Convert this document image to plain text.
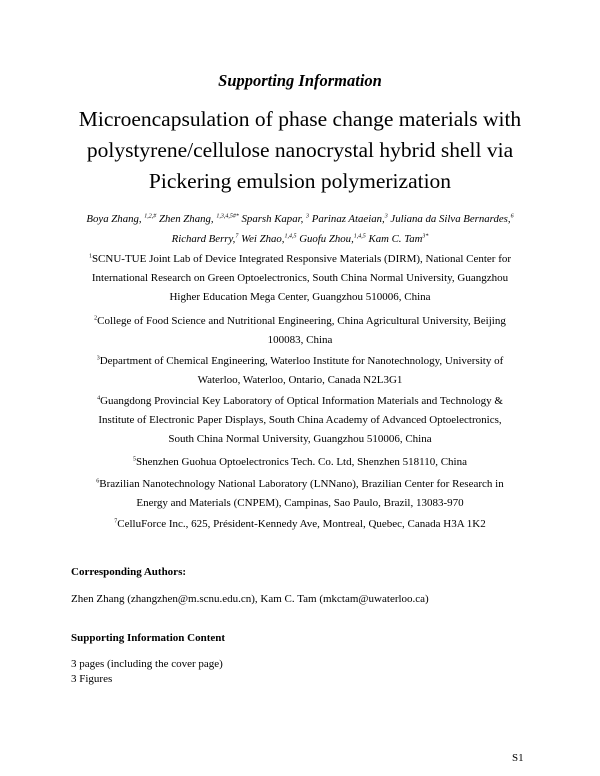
Supporting Information
Microencapsulation of phase change materials with
polystyrene/cellulose nanocrystal hybrid shell via
Pickering emulsion polymerization
Boya Zhang, $^{1,2,\#}$ Zhen Zhang, $^{1,3,4,5\#*}$ Sparsh Kapar, $^3$ Parinaz Ataeian,$^3$ Juliana da Silva Bernardes,$^6$
Richard Berry,$^7$ Wei Zhao,$^{1,4,5}$ Guofu Zhou,$^{1,4,5}$ Kam C. Tam$^{3*}$
$^1$SCNU-TUE Joint Lab of Device Integrated Responsive Materials (DIRM), National Center for
International Research on Green Optoelectronics, South China Normal University, Guangzhou
Higher Education Mega Center, Guangzhou 510006, China
$^2$College of Food Science and Nutritional Engineering, China Agricultural University, Beijing
100083, China
$^3$Department of Chemical Engineering, Waterloo Institute for Nanotechnology, University of
Waterloo, Waterloo, Ontario, Canada N2L3G1
$^4$Guangdong Provincial Key Laboratory of Optical Information Materials and Technology &
Institute of Electronic Paper Displays, South China Academy of Advanced Optoelectronics,
South China Normal University, Guangzhou 510006, China
$^5$Shenzhen Guohua Optoelectronics Tech. Co. Ltd, Shenzhen 518110, China
$^6$Brazilian Nanotechnology National Laboratory (LNNano), Brazilian Center for Research in
Energy and Materials (CNPEM), Campinas, Sao Paulo, Brazil, 13083-970
$^7$CelluForce Inc., 625, Président-Kennedy Ave, Montreal, Quebec, Canada H3A 1K2
Corresponding Authors:
Zhen Zhang (zhangzhen@m.scnu.edu.cn), Kam C. Tam (mkctam@uwaterloo.ca)
Supporting Information Content
3 pages (including the cover page)
3 Figures
S1
